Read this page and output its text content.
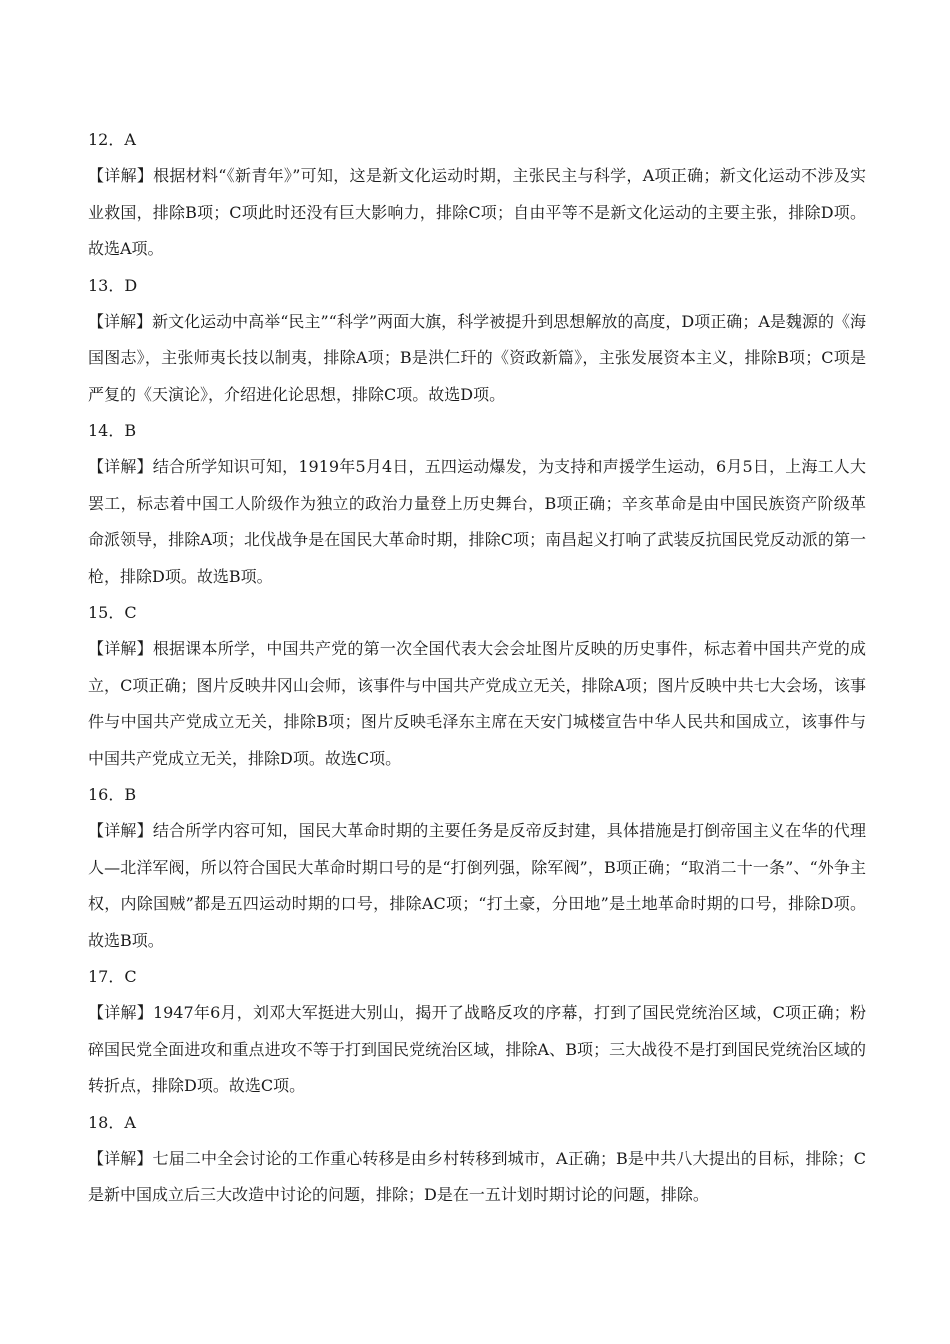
12．A

【详解】根据材料“《新青年》”可知，这是新文化运动时期，主张民主与科学，A项正确；新文化运动不涉及实业救国，排除B项；C项此时还没有巨大影响力，排除C项；自由平等不是新文化运动的主要主张，排除D项。故选A项。

13．D

【详解】新文化运动中高举“民主”“科学”两面大旗，科学被提升到思想解放的高度，D项正确；A是魏源的《海国图志》，主张师夷长技以制夷，排除A项；B是洪仁玕的《资政新篇》，主张发展资本主义，排除B项；C项是严复的《天演论》，介绍进化论思想，排除C项。故选D项。

14．B

【详解】结合所学知识可知，1919年5月4日，五四运动爆发，为支持和声援学生运动，6月5日，上海工人大罢工，标志着中国工人阶级作为独立的政治力量登上历史舞台，B项正确；辛亥革命是由中国民族资产阶级革命派领导，排除A项；北伐战争是在国民大革命时期，排除C项；南昌起义打响了武装反抗国民党反动派的第一枪，排除D项。故选B项。

15．C

【详解】根据课本所学，中国共产党的第一次全国代表大会会址图片反映的历史事件，标志着中国共产党的成立，C项正确；图片反映井冈山会师，该事件与中国共产党成立无关，排除A项；图片反映中共七大会场，该事件与中国共产党成立无关，排除B项；图片反映毛泽东主席在天安门城楼宣告中华人民共和国成立，该事件与中国共产党成立无关，排除D项。故选C项。

16．B

【详解】结合所学内容可知，国民大革命时期的主要任务是反帝反封建，具体措施是打倒帝国主义在华的代理人—北洋军阀，所以符合国民大革命时期口号的是“打倒列强，除军阀”，B项正确；“取消二十一条”、“外争主权，内除国贼”都是五四运动时期的口号，排除AC项；“打土豪，分田地”是土地革命时期的口号，排除D项。故选B项。

17．C

【详解】1947年6月，刘邓大军挺进大别山，揭开了战略反攻的序幕，打到了国民党统治区域，C项正确；粉碎国民党全面进攻和重点进攻不等于打到国民党统治区域，排除A、B项；三大战役不是打到国民党统治区域的转折点，排除D项。故选C项。

18．A

【详解】七届二中全会讨论的工作重心转移是由乡村转移到城市，A正确；B是中共八大提出的目标，排除；C是新中国成立后三大改造中讨论的问题，排除；D是在一五计划时期讨论的问题，排除。
